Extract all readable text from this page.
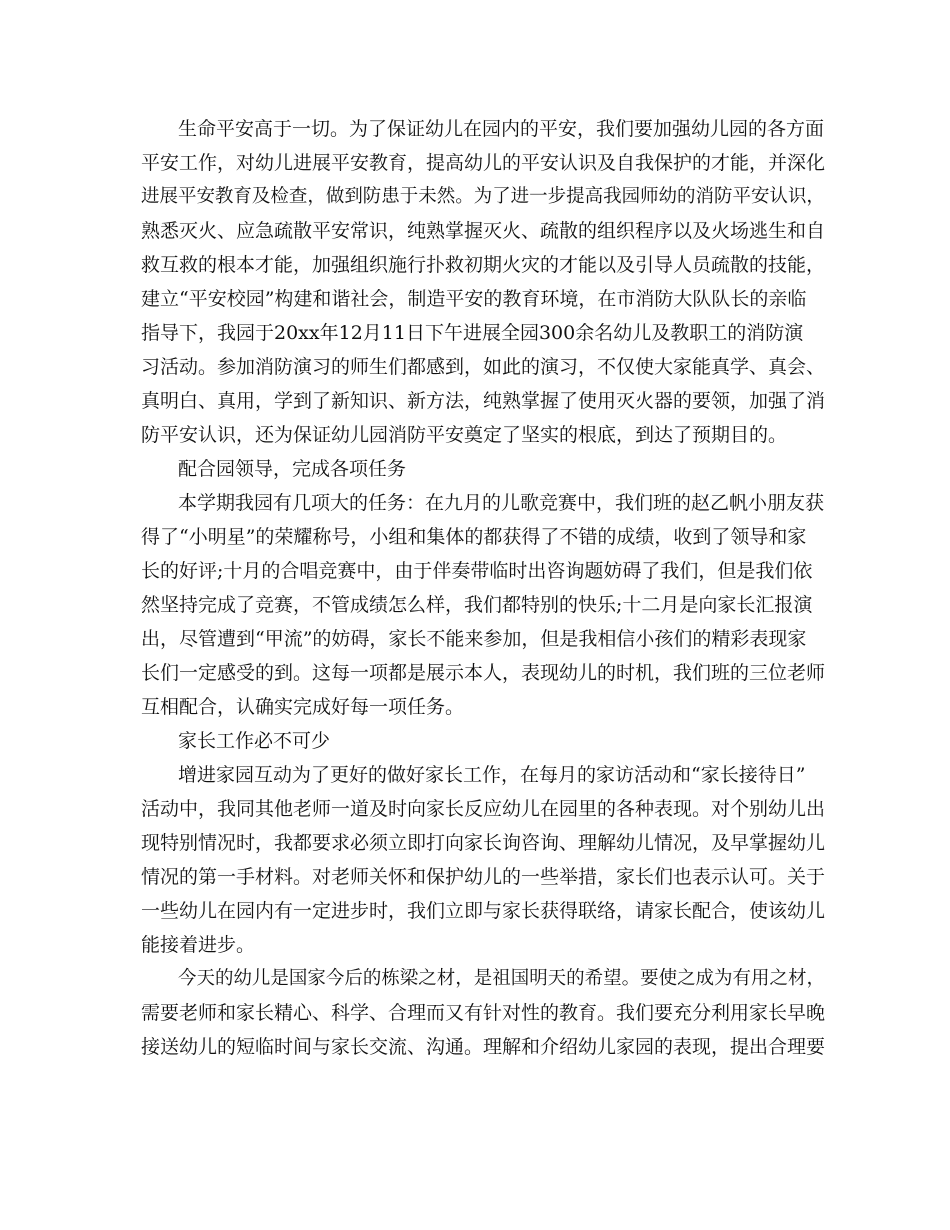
生命平安高于一切。为了保证幼儿在园内的平安，我们要加强幼儿园的各方面
平安工作，对幼儿进展平安教育，提高幼儿的平安认识及自我保护的才能，并深化
进展平安教育及检查，做到防患于未然。为了进一步提高我园师幼的消防平安认识，
熟悉灭火、应急疏散平安常识，纯熟掌握灭火、疏散的组织程序以及火场逃生和自
救互救的根本才能，加强组织施行扑救初期火灾的才能以及引导人员疏散的技能，
建立“平安校园”构建和谐社会，制造平安的教育环境，在市消防大队队长的亲临
指导下，我园于20xx年12月11日下午进展全园300余名幼儿及教职工的消防演
习活动。参加消防演习的师生们都感到，如此的演习，不仅使大家能真学、真会、
真明白、真用，学到了新知识、新方法，纯熟掌握了使用灭火器的要领，加强了消
防平安认识，还为保证幼儿园消防平安奠定了坚实的根底，到达了预期目的。
配合园领导，完成各项任务
本学期我园有几项大的任务：在九月的儿歌竞赛中，我们班的赵乙帆小朋友获
得了“小明星”的荣耀称号，小组和集体的都获得了不错的成绩，收到了领导和家
长的好评;十月的合唱竞赛中，由于伴奏带临时出咨询题妨碍了我们，但是我们依
然坚持完成了竞赛，不管成绩怎么样，我们都特别的快乐;十二月是向家长汇报演
出，尽管遭到“甲流”的妨碍，家长不能来参加，但是我相信小孩们的精彩表现家
长们一定感受的到。这每一项都是展示本人，表现幼儿的时机，我们班的三位老师
互相配合，认确实完成好每一项任务。
家长工作必不可少
增进家园互动为了更好的做好家长工作，在每月的家访活动和“家长接待日”
活动中，我同其他老师一道及时向家长反应幼儿在园里的各种表现。对个别幼儿出
现特别情况时，我都要求必须立即打向家长询咨询、理解幼儿情况，及早掌握幼儿
情况的第一手材料。对老师关怀和保护幼儿的一些举措，家长们也表示认可。关于
一些幼儿在园内有一定进步时，我们立即与家长获得联络，请家长配合，使该幼儿
能接着进步。
今天的幼儿是国家今后的栋梁之材，是祖国明天的希望。要使之成为有用之材，
需要老师和家长精心、科学、合理而又有针对性的教育。我们要充分利用家长早晚
接送幼儿的短临时间与家长交流、沟通。理解和介绍幼儿家园的表现，提出合理要
